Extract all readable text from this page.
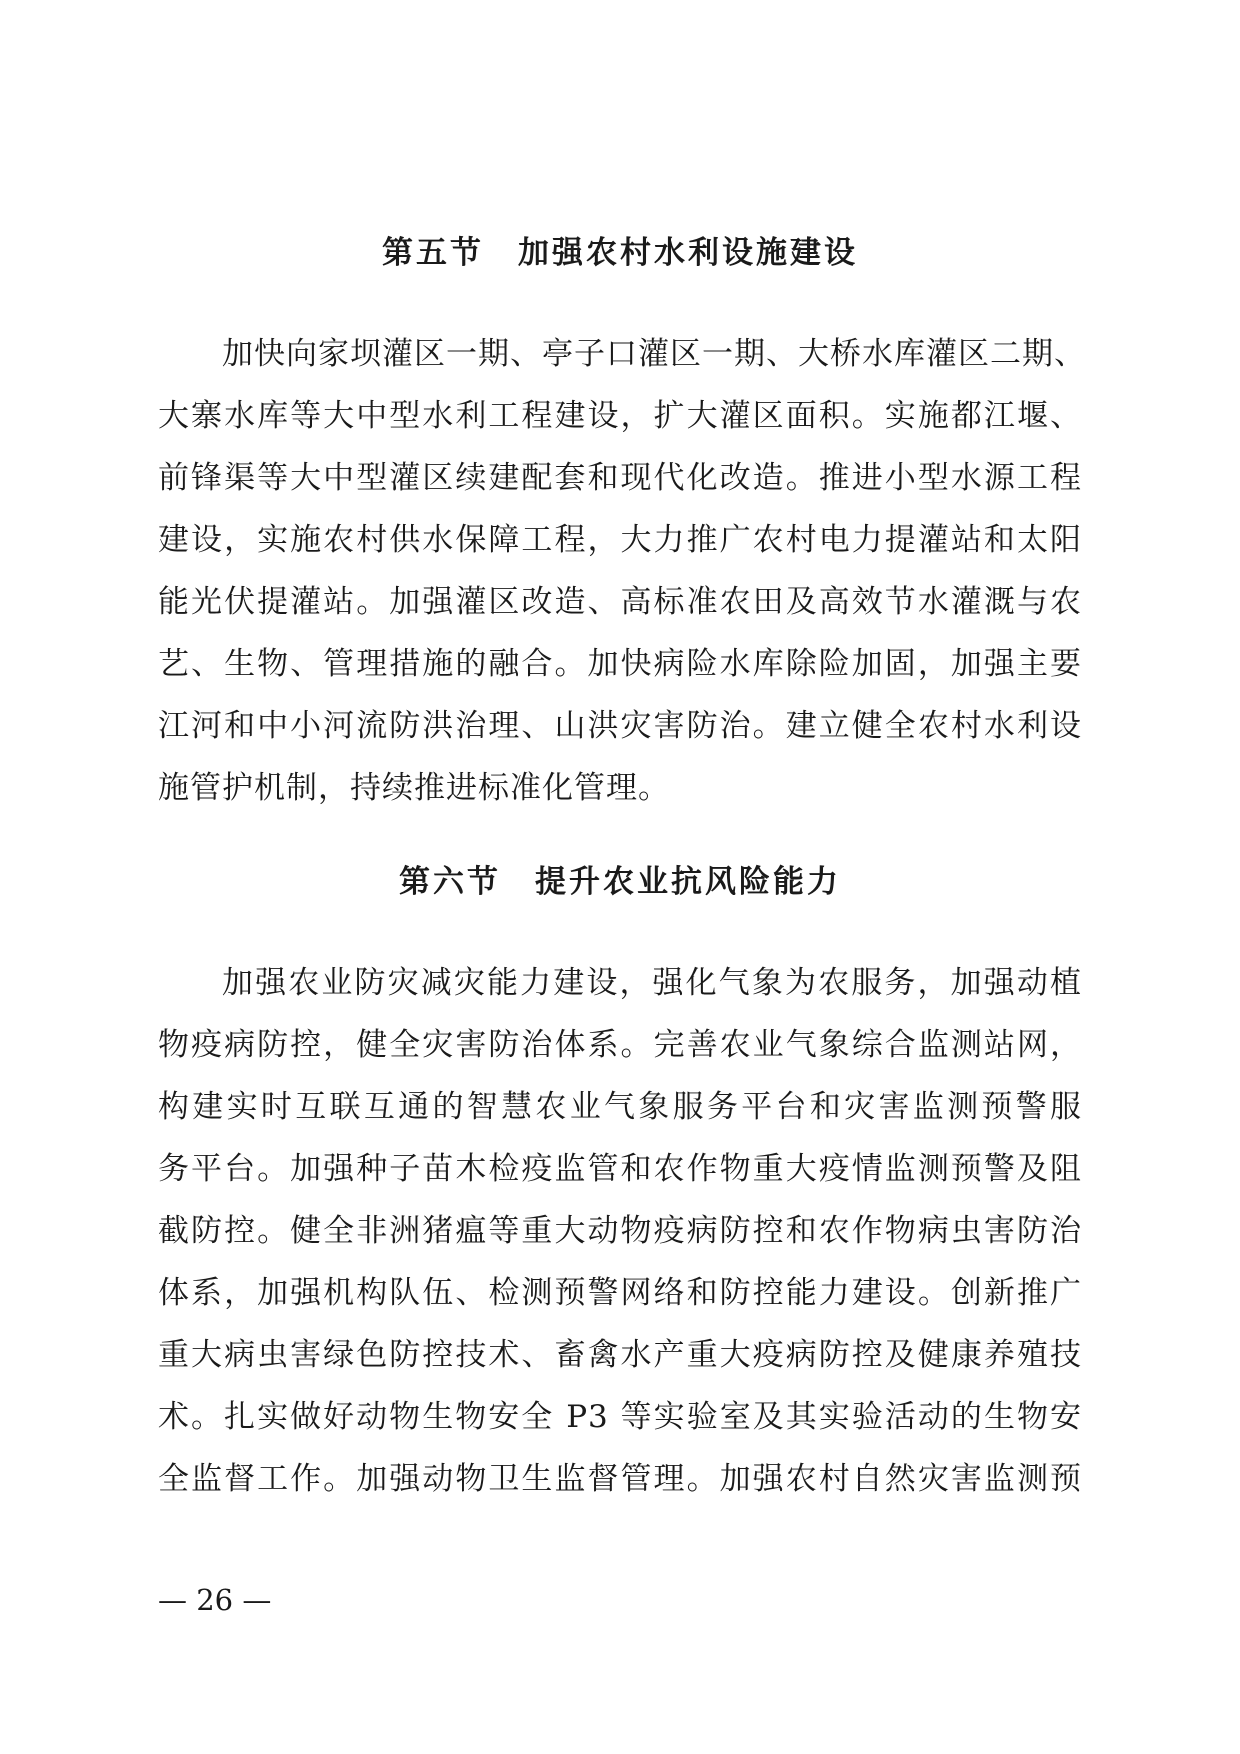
第五节　加强农村水利设施建设
加快向家坝灌区一期、亭子口灌区一期、大桥水库灌区二期、
大寨水库等大中型水利工程建设，扩大灌区面积。实施都江堰、
前锋渠等大中型灌区续建配套和现代化改造。推进小型水源工程
建设，实施农村供水保障工程，大力推广农村电力提灌站和太阳
能光伏提灌站。加强灌区改造、高标准农田及高效节水灌溉与农
艺、生物、管理措施的融合。加快病险水库除险加固，加强主要
江河和中小河流防洪治理、山洪灾害防治。建立健全农村水利设
施管护机制，持续推进标准化管理。
第六节　提升农业抗风险能力
加强农业防灾减灾能力建设，强化气象为农服务，加强动植
物疫病防控，健全灾害防治体系。完善农业气象综合监测站网，
构建实时互联互通的智慧农业气象服务平台和灾害监测预警服
务平台。加强种子苗木检疫监管和农作物重大疫情监测预警及阻
截防控。健全非洲猪瘟等重大动物疫病防控和农作物病虫害防治
体系，加强机构队伍、检测预警网络和防控能力建设。创新推广
重大病虫害绿色防控技术、畜禽水产重大疫病防控及健康养殖技
术。扎实做好动物生物安全 P3 等实验室及其实验活动的生物安
全监督工作。加强动物卫生监督管理。加强农村自然灾害监测预
— 26 —
